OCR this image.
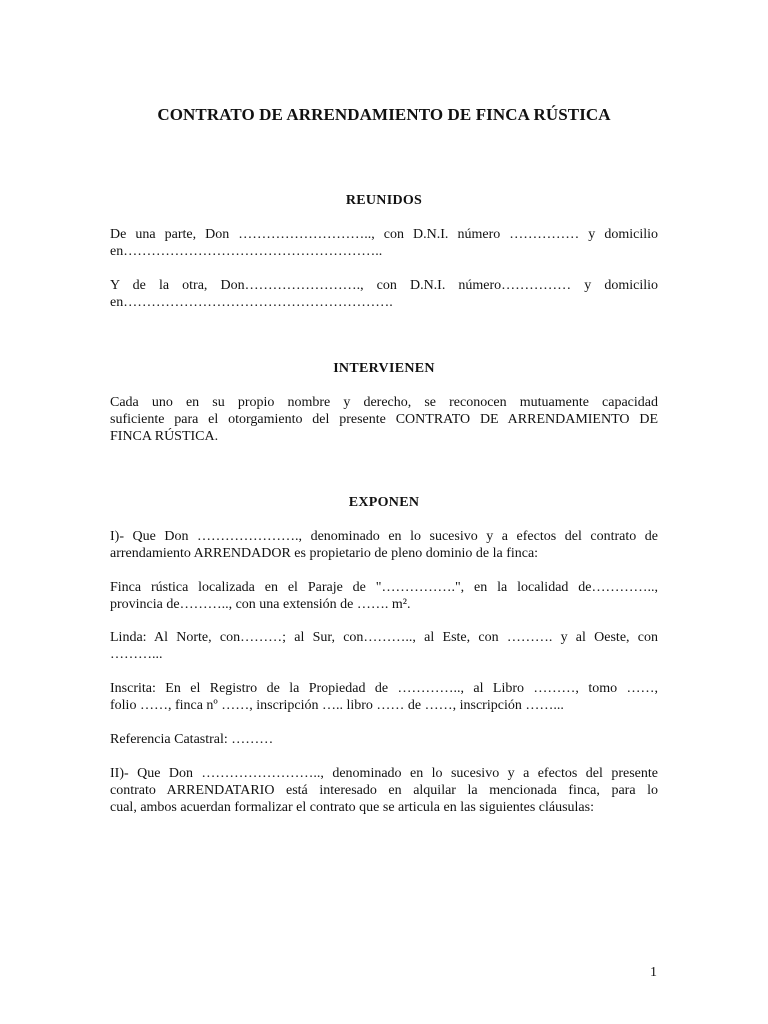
CONTRATO DE ARRENDAMIENTO DE FINCA RÚSTICA
REUNIDOS
De una parte, Don ……………………….., con D.N.I. número …………… y domicilio
en………………………………………………..
Y de la otra, Don……………………., con D.N.I. número…………… y domicilio
en………………………………………………….
INTERVIENEN
Cada uno en su propio nombre y derecho, se reconocen mutuamente capacidad
suficiente para el otorgamiento del presente CONTRATO DE ARRENDAMIENTO DE
FINCA RÚSTICA.
EXPONEN
I)- Que Don …………………., denominado en lo sucesivo y a efectos del contrato de
arrendamiento ARRENDADOR es propietario de pleno dominio de la finca:
Finca rústica localizada en el Paraje de "…………….", en la localidad de…………..,
provincia de……….., con una extensión de ……. m².
Linda: Al Norte, con………; al Sur, con……….., al Este, con ………. y al Oeste, con
………...
Inscrita: En el Registro de la Propiedad de ………….., al Libro ………, tomo ……,
folio ……, finca nº ……, inscripción ….. libro …… de ……, inscripción ……...
Referencia Catastral: ………
II)- Que Don …………………….., denominado en lo sucesivo y a efectos del presente
contrato ARRENDATARIO está interesado en alquilar la mencionada finca, para lo
cual, ambos acuerdan formalizar el contrato que se articula en las siguientes cláusulas:
1
